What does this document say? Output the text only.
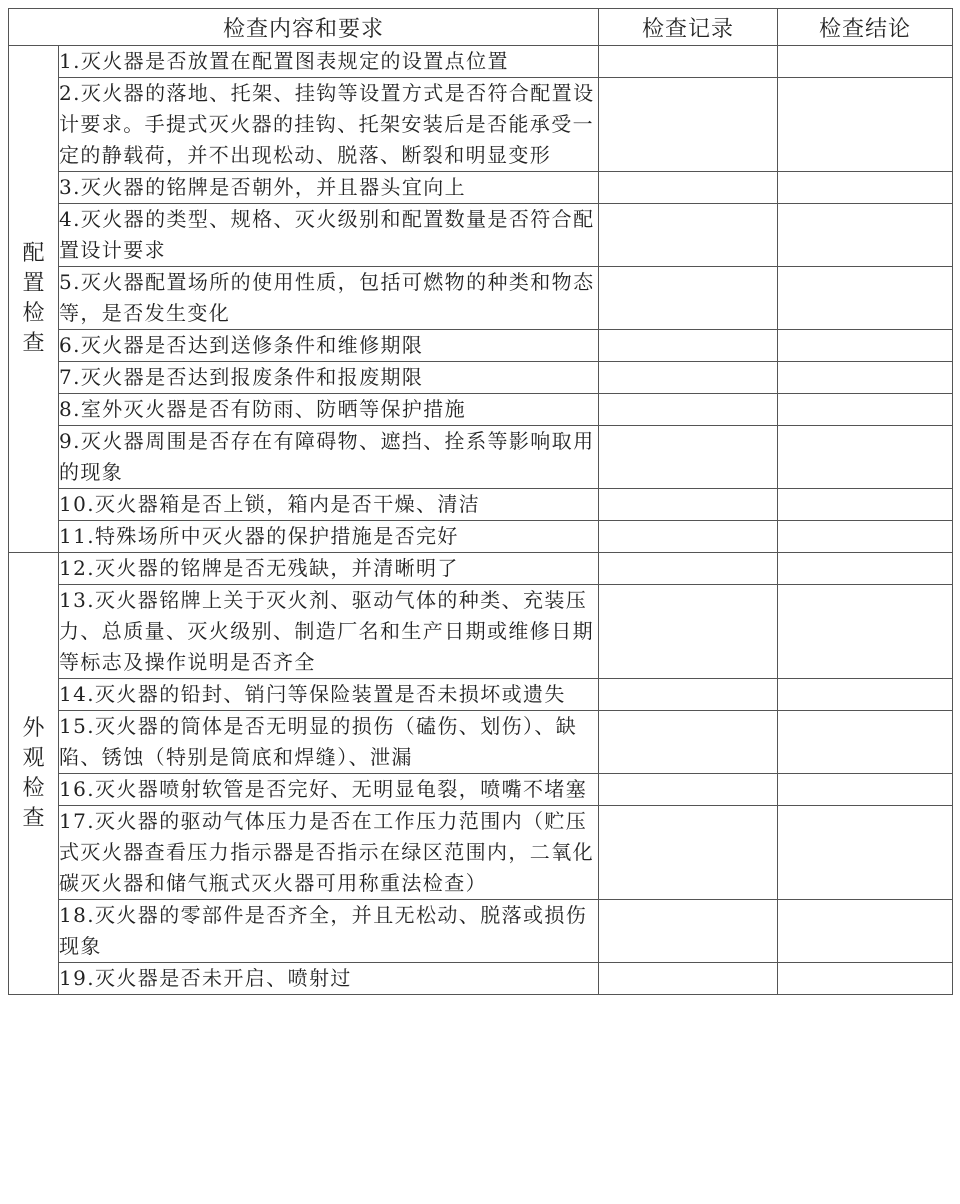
检查内容和要求		检查记录	检查结论
配置检查	1.灭火器是否放置在配置图表规定的设置点位置		
	2.灭火器的落地、托架、挂钩等设置方式是否符合配置设计要求。手提式灭火器的挂钩、托架安装后是否能承受一定的静载荷，并不出现松动、脱落、断裂和明显变形		
	3.灭火器的铭牌是否朝外，并且器头宜向上		
	4.灭火器的类型、规格、灭火级别和配置数量是否符合配置设计要求		
	5.灭火器配置场所的使用性质，包括可燃物的种类和物态等，是否发生变化		
	6.灭火器是否达到送修条件和维修期限		
	7.灭火器是否达到报废条件和报废期限		
	8.室外灭火器是否有防雨、防晒等保护措施		
	9.灭火器周围是否存在有障碍物、遮挡、拴系等影响取用的现象		
	10.灭火器箱是否上锁，箱内是否干燥、清洁		
	11.特殊场所中灭火器的保护措施是否完好		
外观检查	12.灭火器的铭牌是否无残缺，并清晰明了		
	13.灭火器铭牌上关于灭火剂、驱动气体的种类、充装压力、总质量、灭火级别、制造厂名和生产日期或维修日期等标志及操作说明是否齐全		
	14.灭火器的铅封、销闩等保险装置是否未损坏或遗失		
	15.灭火器的筒体是否无明显的损伤（磕伤、划伤）、缺陷、锈蚀（特别是筒底和焊缝）、泄漏		
	16.灭火器喷射软管是否完好、无明显龟裂，喷嘴不堵塞		
	17.灭火器的驱动气体压力是否在工作压力范围内（贮压式灭火器查看压力指示器是否指示在绿区范围内，二氧化碳灭火器和储气瓶式灭火器可用称重法检查）		
	18.灭火器的零部件是否齐全，并且无松动、脱落或损伤现象		
	19.灭火器是否未开启、喷射过		
